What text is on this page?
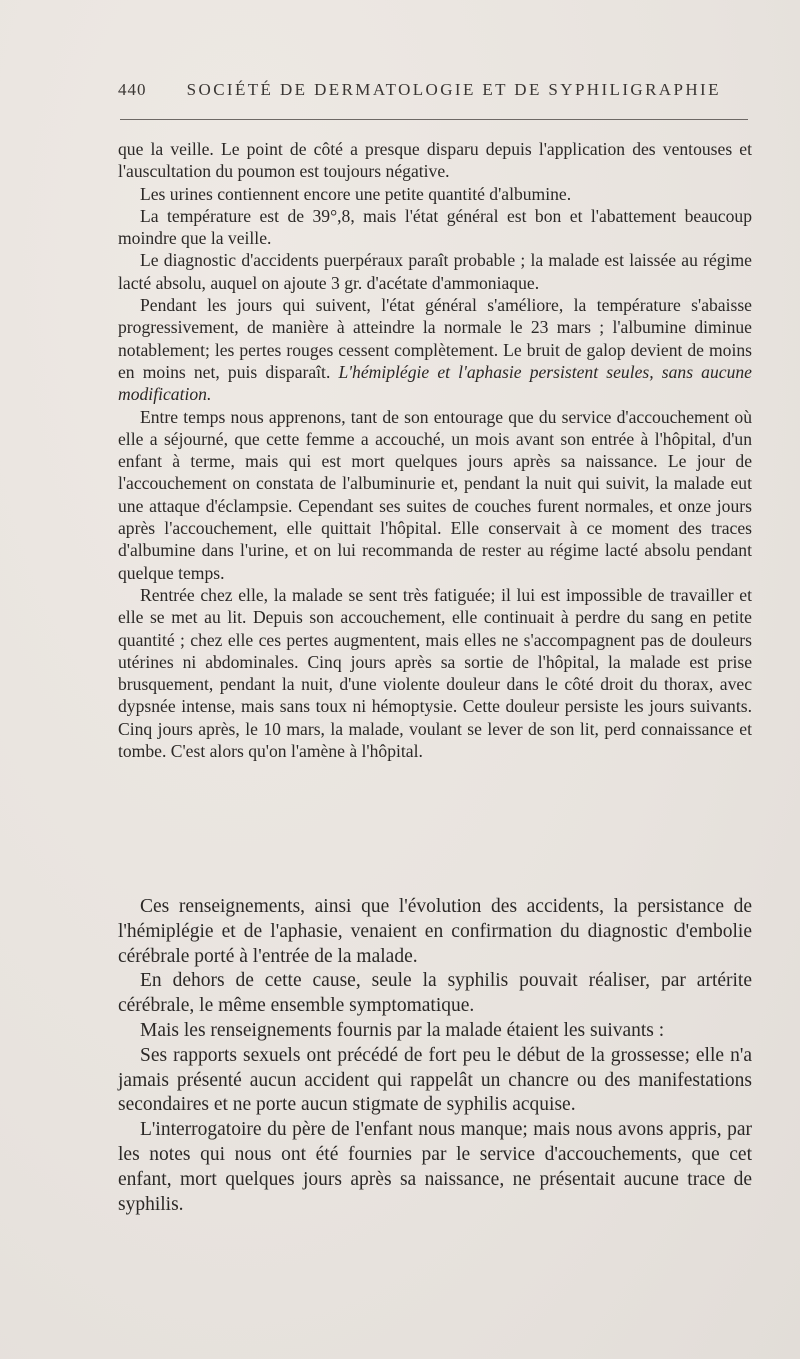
440 SOCIÉTÉ DE DERMATOLOGIE ET DE SYPHILIGRAPHIE

que la veille. Le point de côté a presque disparu depuis l'application des ventouses et l'auscultation du poumon est toujours négative.

Les urines contiennent encore une petite quantité d'albumine.

La température est de 39°,8, mais l'état général est bon et l'abattement beaucoup moindre que la veille.

Le diagnostic d'accidents puerpéraux paraît probable ; la malade est laissée au régime lacté absolu, auquel on ajoute 3 gr. d'acétate d'ammoniaque.

Pendant les jours qui suivent, l'état général s'améliore, la température s'abaisse progressivement, de manière à atteindre la normale le 23 mars ; l'albumine diminue notablement; les pertes rouges cessent complètement. Le bruit de galop devient de moins en moins net, puis disparaît. L'hémiplégie et l'aphasie persistent seules, sans aucune modification.

Entre temps nous apprenons, tant de son entourage que du service d'accouchement où elle a séjourné, que cette femme a accouché, un mois avant son entrée à l'hôpital, d'un enfant à terme, mais qui est mort quelques jours après sa naissance. Le jour de l'accouchement on constata de l'albuminurie et, pendant la nuit qui suivit, la malade eut une attaque d'éclampsie. Cependant ses suites de couches furent normales, et onze jours après l'accouchement, elle quittait l'hôpital. Elle conservait à ce moment des traces d'albumine dans l'urine, et on lui recommanda de rester au régime lacté absolu pendant quelque temps.

Rentrée chez elle, la malade se sent très fatiguée; il lui est impossible de travailler et elle se met au lit. Depuis son accouchement, elle continuait à perdre du sang en petite quantité ; chez elle ces pertes augmentent, mais elles ne s'accompagnent pas de douleurs utérines ni abdominales. Cinq jours après sa sortie de l'hôpital, la malade est prise brusquement, pendant la nuit, d'une violente douleur dans le côté droit du thorax, avec dypsnée intense, mais sans toux ni hémoptysie. Cette douleur persiste les jours suivants. Cinq jours après, le 10 mars, la malade, voulant se lever de son lit, perd connaissance et tombe. C'est alors qu'on l'amène à l'hôpital.

Ces renseignements, ainsi que l'évolution des accidents, la persistance de l'hémiplégie et de l'aphasie, venaient en confirmation du diagnostic d'embolie cérébrale porté à l'entrée de la malade.

En dehors de cette cause, seule la syphilis pouvait réaliser, par artérite cérébrale, le même ensemble symptomatique.

Mais les renseignements fournis par la malade étaient les suivants :

Ses rapports sexuels ont précédé de fort peu le début de la grossesse; elle n'a jamais présenté aucun accident qui rappelât un chancre ou des manifestations secondaires et ne porte aucun stigmate de syphilis acquise.

L'interrogatoire du père de l'enfant nous manque; mais nous avons appris, par les notes qui nous ont été fournies par le service d'accouchements, que cet enfant, mort quelques jours après sa naissance, ne présentait aucune trace de syphilis.
